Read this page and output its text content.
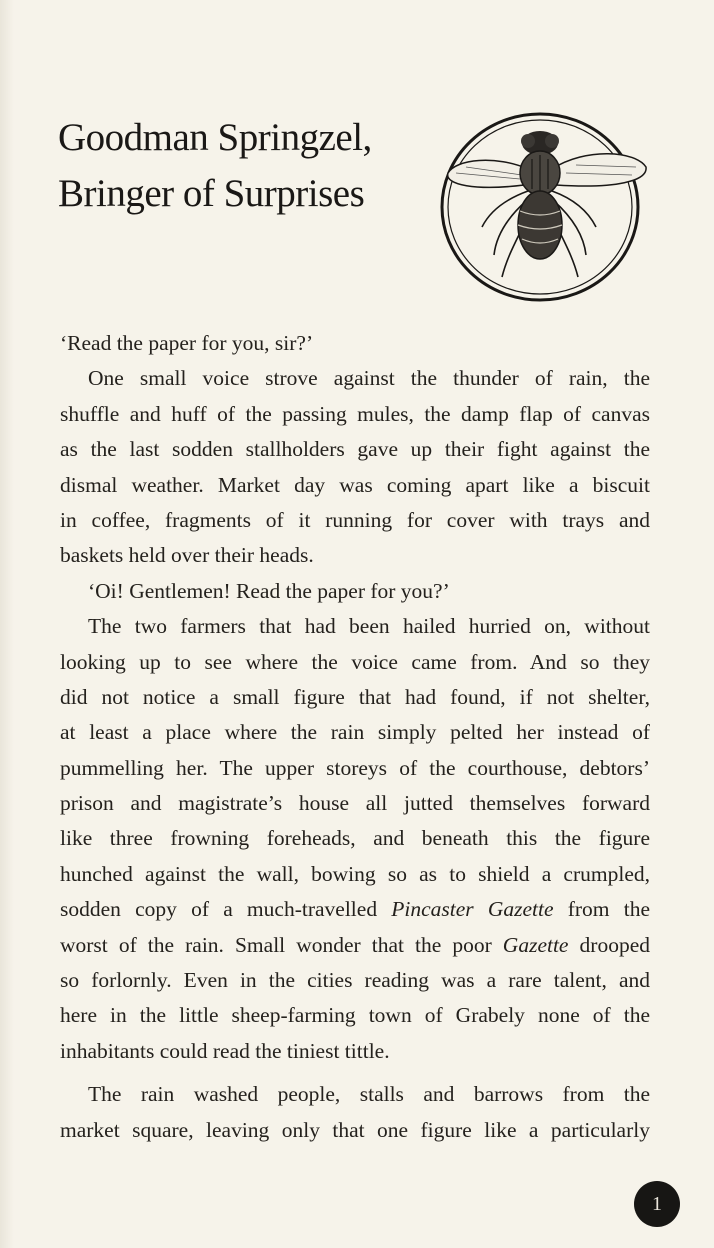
Goodman Springzel,
Bringer of Surprises
‘Read the paper for you, sir?’
One small voice strove against the thunder of rain, the
shuffle and huff of the passing mules, the damp flap of canvas
as the last sodden stallholders gave up their fight against the
dismal weather. Market day was coming apart like a biscuit
in coffee, fragments of it running for cover with trays and
baskets held over their heads.
‘Oi! Gentlemen! Read the paper for you?’
The two farmers that had been hailed hurried on, without
looking up to see where the voice came from. And so they
did not notice a small figure that had found, if not shelter,
at least a place where the rain simply pelted her instead of
pummelling her. The upper storeys of the courthouse, debtors’
prison and magistrate’s house all jutted themselves forward
like three frowning foreheads, and beneath this the figure
hunched against the wall, bowing so as to shield a crumpled,
sodden copy of a much-travelled Pincaster Gazette from the
worst of the rain. Small wonder that the poor Gazette drooped
so forlornly. Even in the cities reading was a rare talent, and
here in the little sheep-farming town of Grabely none of the
inhabitants could read the tiniest tittle.
The rain washed people, stalls and barrows from the
market square, leaving only that one figure like a particularly
1
